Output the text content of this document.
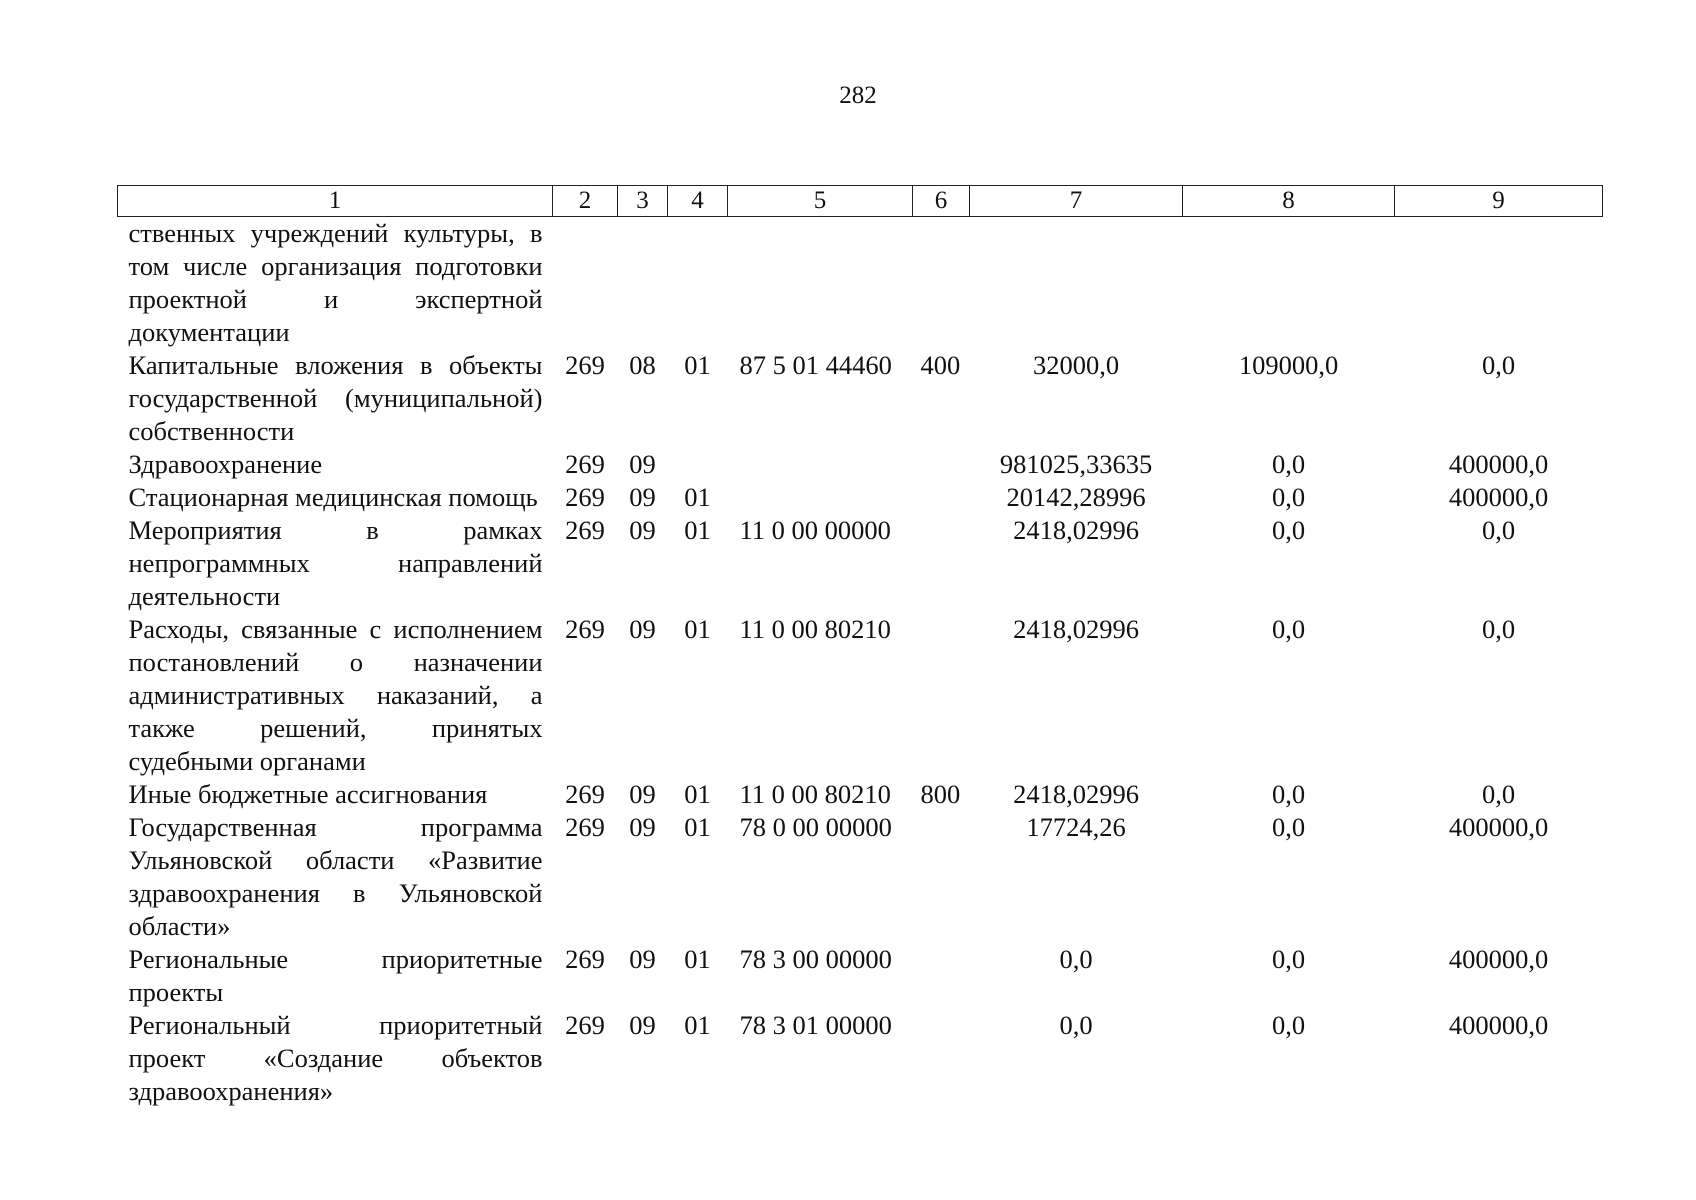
282
1	2	3	4	5	6	7	8	9
ственных учреждений культуры, в том числе организация подготовки проектной и экспертной документации								
Капитальные вложения в объекты государственной (муниципальной) собственности	269	08	01	87 5 01 44460	400	32000,0	109000,0	0,0
Здравоохранение	269	09				981025,33635	0,0	400000,0
Стационарная медицинская помощь	269	09	01			20142,28996	0,0	400000,0
Мероприятия в рамках непрограммных направлений деятельности	269	09	01	11 0 00 00000		2418,02996	0,0	0,0
Расходы, связанные с исполнением постановлений о назначении административных наказаний, а также решений, принятых судебными органами	269	09	01	11 0 00 80210		2418,02996	0,0	0,0
Иные бюджетные ассигнования	269	09	01	11 0 00 80210	800	2418,02996	0,0	0,0
Государственная программа Ульяновской области «Развитие здравоохранения в Ульяновской области»	269	09	01	78 0 00 00000		17724,26	0,0	400000,0
Региональные приоритетные проекты	269	09	01	78 3 00 00000		0,0	0,0	400000,0
Региональный приоритетный проект «Создание объектов здравоохранения»	269	09	01	78 3 01 00000		0,0	0,0	400000,0
